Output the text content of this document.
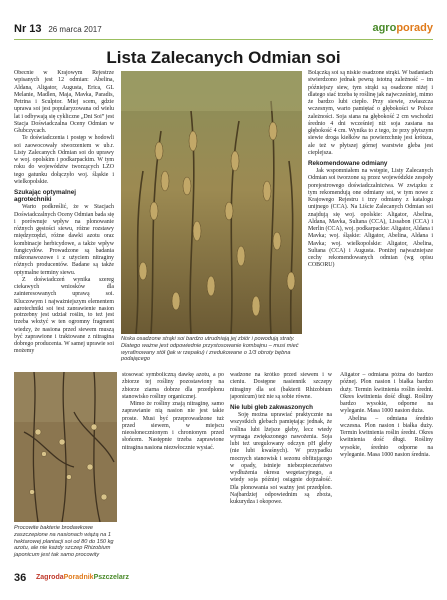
Nr 13 26 marca 2017	agroporady
Lista Zalecanych Odmian soi

Obecnie w Krajowym Rejestrze wpisanych jest 12 odmian: Abelina, Aldana, Aligator, Augusta, Erica, GL Melanie, Madlen, Maja, Mavka, Paradis, Petrina i Sculptor. Miej scem, gdzie uprawa soi jest popularyzowana od wielu lat i odbywają się cykliczne „Dni Soi” jest Stacja Doświadczalna Oceny Odmian w Głubczycach.

Te doświadczenia i postęp w hodowli soi zaowocowały stworzeniem w ub.r. Listy Zalecanych Odmian soi do uprawy w woj. opolskim i podkarpackim. W tym roku do województw tworzących LZO tego gatunku dołączyło woj. śląskie i wielkopolskie.

Szukając optymalnej agrotechniki

Warto podkreślić, że w Stacjach Doświadczalnych Oceny Odmian bada się i porównuje wpływ na plonowanie różnych gęstości siewu, różne rozstawy międzyrzędzi, różne dawki azotu oraz kombinacje herbicydowe, a także wpływ fungicydów. Prowadzone są badania mikronawozowe i z użyciem nitraginy różnych producentów. Badane są także optymalne terminy siewu.

Z doświadczeń wynika szereg ciekawych wniosków dla zainteresowanych uprawą soi. Kluczowym i najważniejszym elementem agrotechniki soi jest zaprawienie nasion

potrzebny jest udział roślin, to też jest trzeba włożyć w ten ogromny fragment wiedzy, że nasiona przed siewem muszą być zaprawione i traktowane z nitragina dobrego producenta. W samej uprawie soi możemy

Niska osadzone strąki soi bardzo utrudniają jej zbiór i powodują straty. Dlatego ważne jest odpowiednie przystosowanie kombajnu – musi mieć wyrafinowany stół (jak w rzepaku) i zredukowane o 1/3 obroty bębna podającego

Bolączką soi są niskie osadzone strąki. W badaniach stwierdzono jednak pewną istotną zależność – im późniejszy siew, tym strąki są osadzone niżej i dlatego siać trzeba tę roślinę jak najwcześniej, mimo że bardzo lubi ciepło. Przy siewie, zwłaszcza wczesnym, warto pamiętać o głębokości w Polsce zależności. Soja siana na głębokość 2 cm wschodzi średnio 4 dni wcześniej niż soja zasiana na głębokość 4 cm. Wynika to z tego, że przy płytszym siewie droga kiełków na powierzchnię jest krótsza, ale też w płytszej górnej warstwie gleba jest cieplejsza.

Rekomendowane odmiany

Jak wspomniałem na wstępie, Listy Zalecanych Odmian soi tworzone są przez wojewódzkie zespoły porejestrowego doświadczalnictwa. W związku z tym rekomendują one odmiany soi, w tym nowe z Krajowego Rejestru i trzy odmiany z katalogu unijnego (CCA). Na Liście Zalecanych Odmian soi znajdują się woj. opolskie: Aligator, Abelina, Aldana, Mavka, Sultana (CCA), Lissabon (CCA) i Merlin (CCA), woj. podkarpackie: Aligator, Aldana i Mavka; woj. śląskie: Aligator, Abelina, Aldana i Mavka; woj. wielkopolskie: Aligator, Abelina, Sultana (CCA) i Augusta. Poniżej najważniejsze cechy rekomendowanych odmian (wg opisu COBORU)

Procowite bakterie brodawkowe zaszczepione na nasionach wiążą na 1 hektarowej plantacji soi od 80 do 150 kg azotu, ale nie każdy szczep Rhizobium japonicum jest tak samo procowity

stosować symboliczną dawkę azotu, a po zbiorze tej rośliny pozostawiony na zbiorze ziarna dobrze dla przedplonu stanowisko rośliny organicznej.

Mimo że rośliny znają nitraginę, samo zaprawianie nią nasion nie jest takie proste. Musi być przeprowadzone tuż przed siewem, w miejscu nieosłonecznionym i chronionym przed słońcem. Następnie trzeba zaprawione nitragina nasiona niezwłocznie wysiać.

wadzone na krótko przed siewem i w cieniu. Dostępne nasiennik szczepy nitraginy dla soi (bakterii Rhizobium japonicum) też nie są sobie równe.

Nie lubi gleb zakwaszonych

Soję można uprawiać praktycznie na wszystkich glebach pamiętając jednak, że roślina lubi lżejsze gleby, lecz wtedy wymaga zwiększonego nawożenia. Soja lubi też uregulowany odczyn pH gleby (nie lubi kwaśnych). W przypadku mocnych stanowisk i sezonu obfitującego w opady, istnieje niebezpieczeństwo wydłużenia okresu wegetacyjnego, a wtedy soja później osiągnie dojrzałość. Dla plonowania soi ważny jest przedplon. Najbardziej odpowiednim są zboża, kukurydza i okopowe.

Aligator – odmiana późna do bardzo późnej. Plon nasion i białka bardzo duży. Termin kwitnienia roślin średni. Okres kwitnienia dość długi. Rośliny bardzo wysokie, odporne na wyleganie. Masa 1000 nasion duża.

Abelina – odmiana średnio wczesna. Plon nasion i białka duży. Termin kwitnienia roślin średni. Okres kwitnienia dość długi. Rośliny wysokie, średnio odporne na wyleganie. Masa 1000 nasion średnia.

36 ZagrodaPoradnikPszczelarz
